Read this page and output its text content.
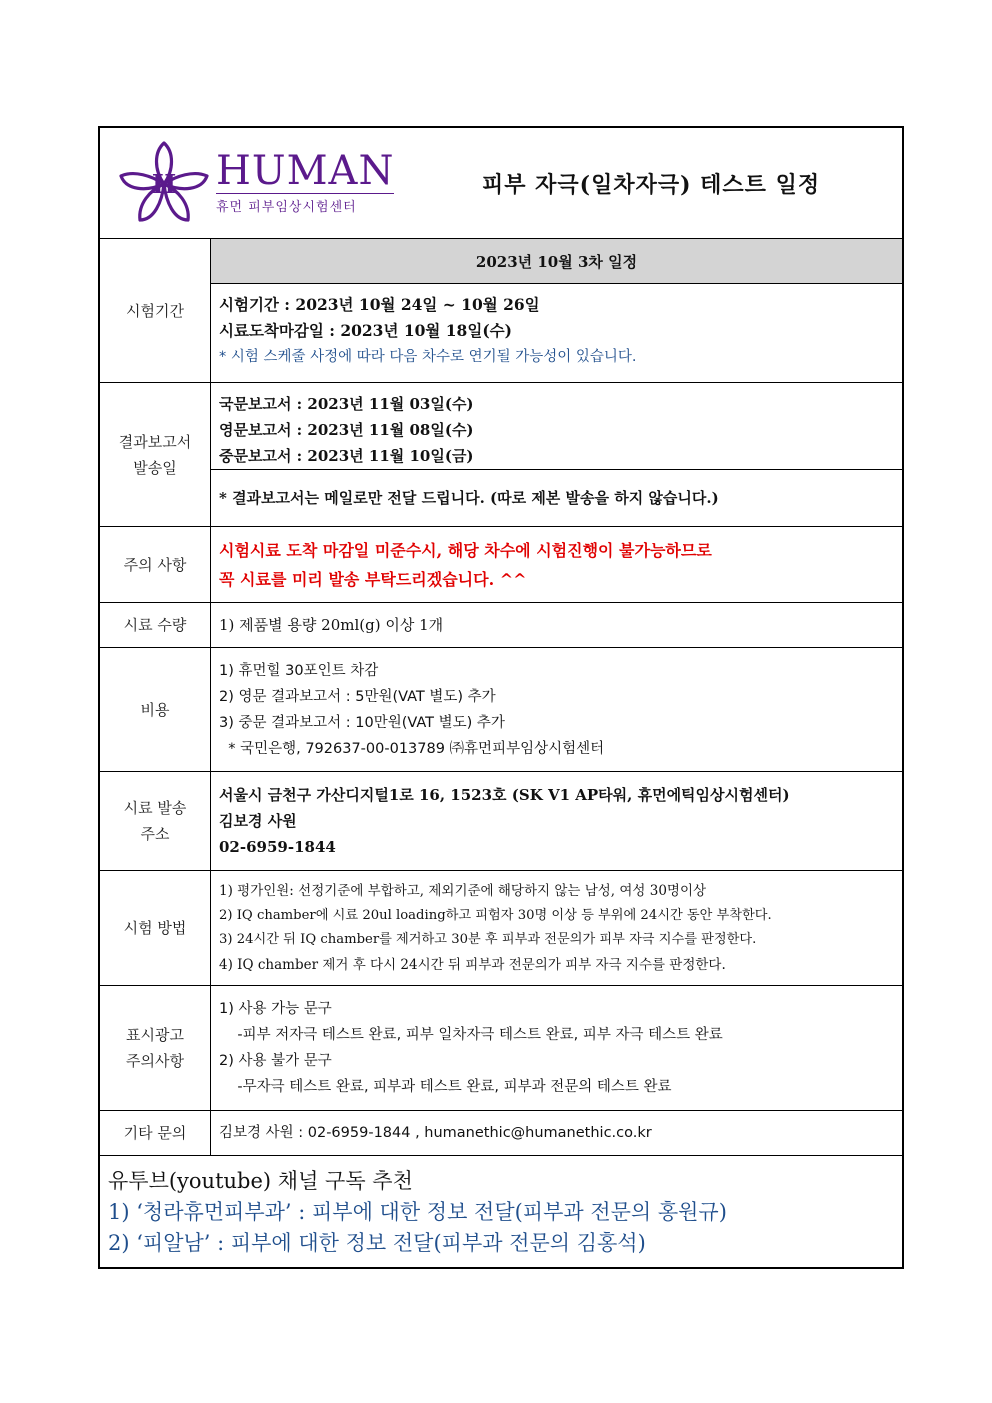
H HUMAN
휴먼 피부임상시험센터
피부 자극(일차자극) 테스트 일정
시험기간
2023년 10월 3차 일정
시험기간 : 2023년 10월 24일 ~ 10월 26일
시료도착마감일 : 2023년 10월 18일(수)
* 시험 스케줄 사정에 따라 다음 차수로 연기될 가능성이 있습니다.
결과보고서
발송일
국문보고서 : 2023년 11월 03일(수)
영문보고서 : 2023년 11월 08일(수)
중문보고서 : 2023년 11월 10일(금)
* 결과보고서는 메일로만 전달 드립니다. (따로 제본 발송을 하지 않습니다.)
주의 사항
시험시료 도착 마감일 미준수시, 해당 차수에 시험진행이 불가능하므로
꼭 시료를 미리 발송 부탁드리겠습니다. ^^
시료 수량	1) 제품별 용량 20ml(g) 이상 1개
비용
1) 휴먼힐 30포인트 차감
2) 영문 결과보고서 : 5만원(VAT 별도) 추가
3) 중문 결과보고서 : 10만원(VAT 별도) 추가
* 국민은행, 792637-00-013789 ㈜휴먼피부임상시험센터
시료 발송
주소
서울시 금천구 가산디지털1로 16, 1523호 (SK V1 AP타워, 휴먼에틱임상시험센터)
김보경 사원
02-6959-1844
시험 방법
1) 평가인원: 선정기준에 부합하고, 제외기준에 해당하지 않는 남성, 여성 30명이상
2) IQ chamber에 시료 20ul loading하고 피험자 30명 이상 등 부위에 24시간 동안 부착한다.
3) 24시간 뒤 IQ chamber를 제거하고 30분 후 피부과 전문의가 피부 자극 지수를 판정한다.
4) IQ chamber 제거 후 다시 24시간 뒤 피부과 전문의가 피부 자극 지수를 판정한다.
표시광고
주의사항
1) 사용 가능 문구
-피부 저자극 테스트 완료, 피부 일차자극 테스트 완료, 피부 자극 테스트 완료
2) 사용 불가 문구
-무자극 테스트 완료, 피부과 테스트 완료, 피부과 전문의 테스트 완료
기타 문의	김보경 사원 : 02-6959-1844 , humanethic@humanethic.co.kr
유투브(youtube) 채널 구독 추천
1) ‘청라휴먼피부과’ : 피부에 대한 정보 전달(피부과 전문의 홍원규)
2) ‘피알남’ : 피부에 대한 정보 전달(피부과 전문의 김홍석)
